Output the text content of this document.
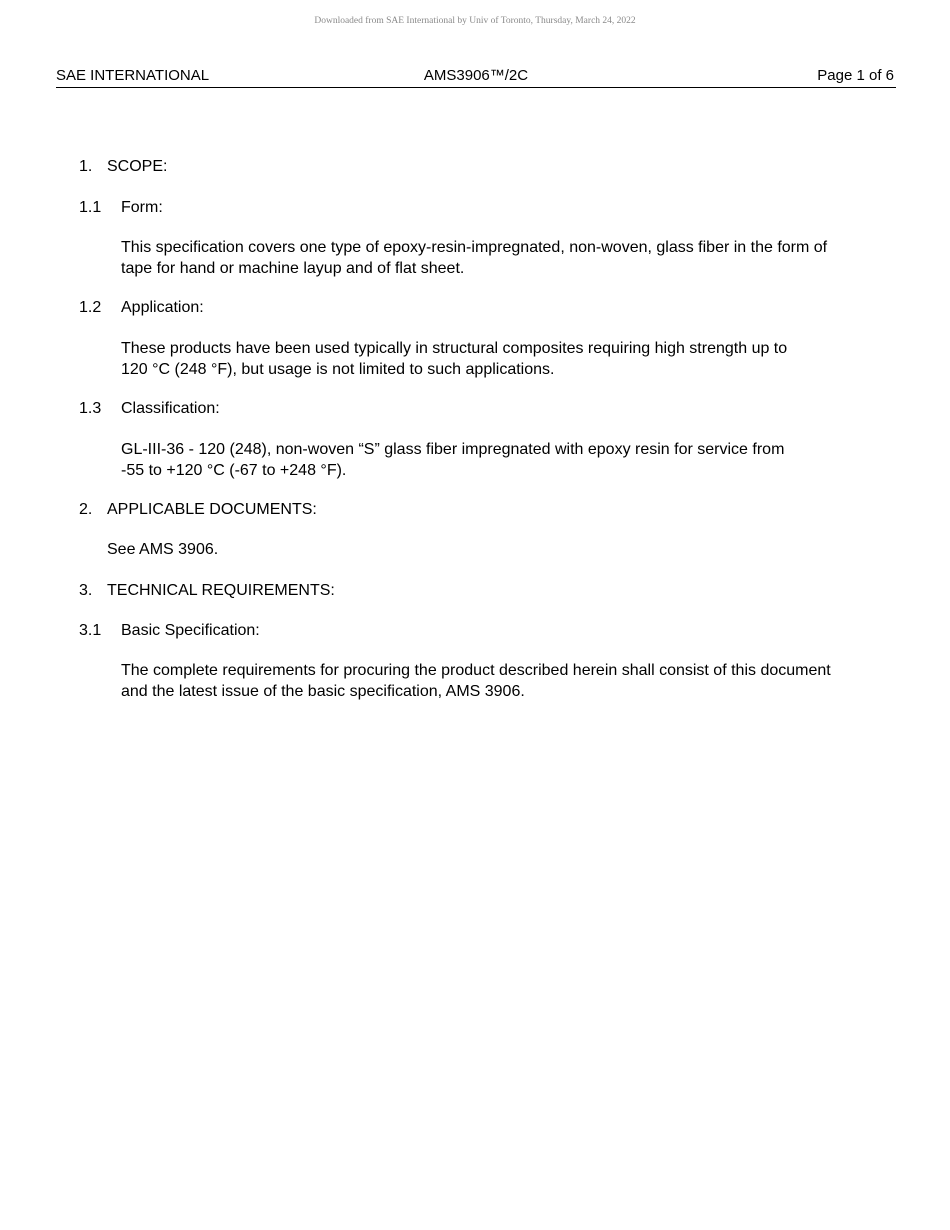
Downloaded from SAE International by Univ of Toronto, Thursday, March 24, 2022
SAE INTERNATIONAL	AMS3906™/2C	Page 1 of 6
1. SCOPE:
1.1 Form:
This specification covers one type of epoxy-resin-impregnated, non-woven, glass fiber in the form of
tape for hand or machine layup and of flat sheet.
1.2 Application:
These products have been used typically in structural composites requiring high strength up to
120 °C (248 °F), but usage is not limited to such applications.
1.3 Classification:
GL-III-36 - 120 (248), non-woven “S” glass fiber impregnated with epoxy resin for service from
-55 to +120 °C (-67 to +248 °F).
2. APPLICABLE DOCUMENTS:
See AMS 3906.
3. TECHNICAL REQUIREMENTS:
3.1 Basic Specification:
The complete requirements for procuring the product described herein shall consist of this document
and the latest issue of the basic specification, AMS 3906.
